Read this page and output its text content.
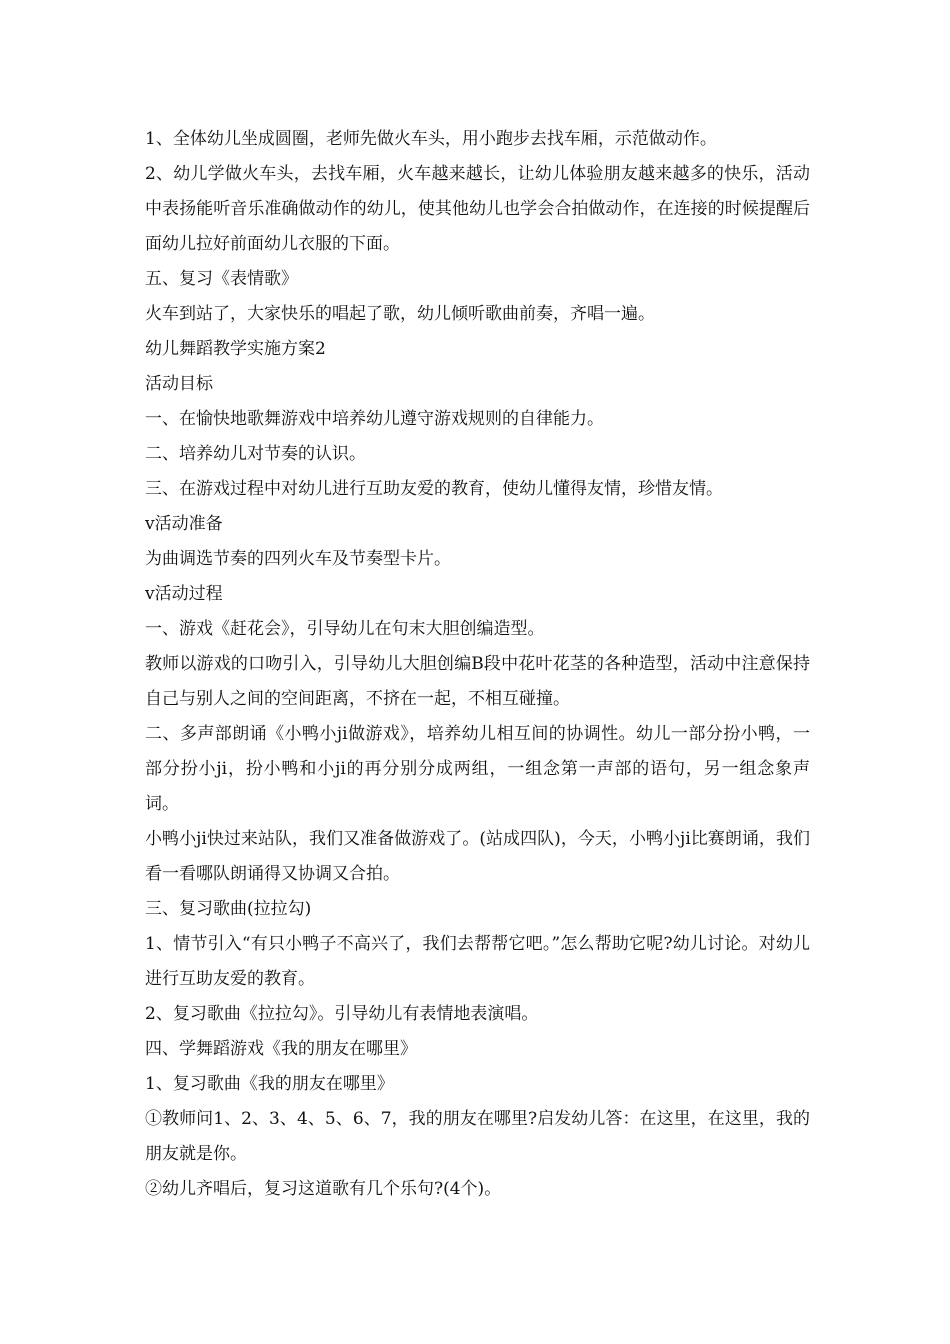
1、全体幼儿坐成圆圈，老师先做火车头，用小跑步去找车厢，示范做动作。

2、幼儿学做火车头，去找车厢，火车越来越长，让幼儿体验朋友越来越多的快乐，活动中表扬能听音乐准确做动作的幼儿，使其他幼儿也学会合拍做动作，在连接的时候提醒后面幼儿拉好前面幼儿衣服的下面。

五、复习《表情歌》

火车到站了，大家快乐的唱起了歌，幼儿倾听歌曲前奏，齐唱一遍。

幼儿舞蹈教学实施方案2

活动目标

一、在愉快地歌舞游戏中培养幼儿遵守游戏规则的自律能力。

二、培养幼儿对节奏的认识。

三、在游戏过程中对幼儿进行互助友爱的教育，使幼儿懂得友情，珍惜友情。

v活动准备

为曲调选节奏的四列火车及节奏型卡片。

v活动过程

一、游戏《赶花会》，引导幼儿在句末大胆创编造型。

教师以游戏的口吻引入，引导幼儿大胆创编B段中花叶花茎的各种造型，活动中注意保持自己与别人之间的空间距离，不挤在一起，不相互碰撞。

二、多声部朗诵《小鸭小ji做游戏》，培养幼儿相互间的协调性。幼儿一部分扮小鸭，一部分扮小ji，扮小鸭和小ji的再分别分成两组，一组念第一声部的语句，另一组念象声词。

小鸭小ji快过来站队，我们又准备做游戏了。(站成四队)，今天，小鸭小ji比赛朗诵，我们看一看哪队朗诵得又协调又合拍。

三、复习歌曲(拉拉勾)

1、情节引入“有只小鸭子不高兴了，我们去帮帮它吧。”怎么帮助它呢?幼儿讨论。对幼儿进行互助友爱的教育。

2、复习歌曲《拉拉勾》。引导幼儿有表情地表演唱。

四、学舞蹈游戏《我的朋友在哪里》

1、复习歌曲《我的朋友在哪里》

①教师问1、2、3、4、5、6、7，我的朋友在哪里?启发幼儿答：在这里，在这里，我的朋友就是你。

②幼儿齐唱后，复习这道歌有几个乐句?(4个)。
